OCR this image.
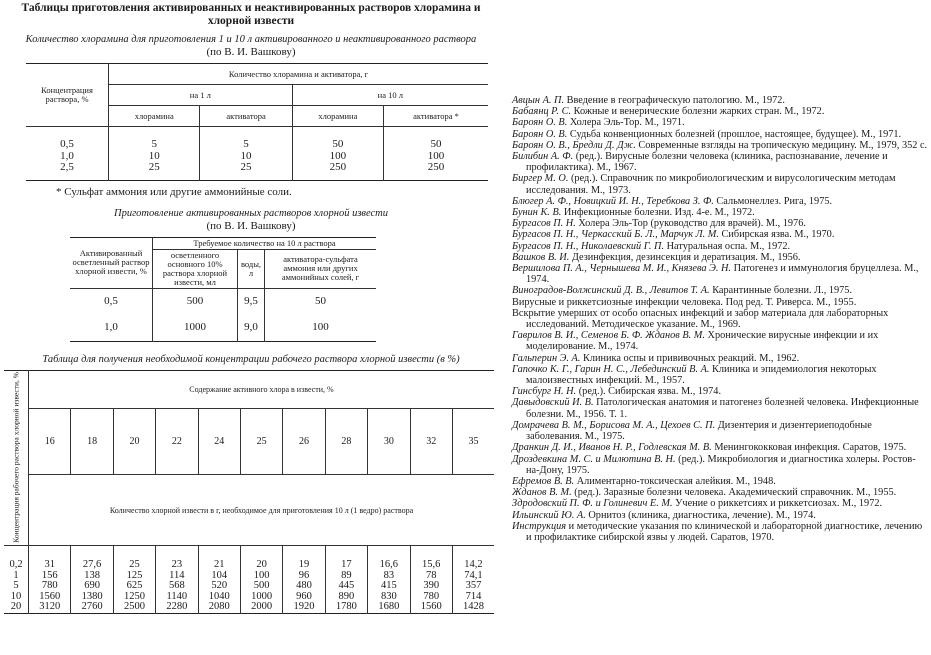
Таблицы приготовления активированных и неактивированных растворов хлорамина и хлорной извести
Количество хлорамина для приготовления 1 и 10 л активированного и неактивированного раствора
(по В. И. Вашкову)
Концентрация раствора, %	Количество хлорамина и активатора, г			
	на 1 л		на 10 л	
	хлорамина	активатора	хлорамина	активатора *
0,5	5	5	50	50
1,0	10	10	100	100
2,5	25	25	250	250
* Сульфат аммония или другие аммонийные соли.
Приготовление активированных растворов хлорной извести
(по В. И. Вашкову)
Активированный осветленный раствор хлорной извести, %	Требуемое количество на 10 л раствора		
	осветленного основного 10% раствора хлорной извести, мл	воды, л	активатора-сульфата аммония или других аммонийных солей, г
0,5	500	9,5	50
1,0	1000	9,0	100
Таблица для получения необходимой концентрации рабочего раствора хлорной извести (в %)
Концентрация рабочего раствора хлорной извести, %	Содержание активного хлора в извести, %										
	16	18	20	22	24	25	26	28	30	32	35
	Количество хлорной извести в г, необходимое для приготовления 10 л (1 ведро) раствора										
0,2	31	27,6	25	23	21	20	19	17	16,6	15,6	14,2
1	156	138	125	114	104	100	96	89	83	78	74,1
5	780	690	625	568	520	500	480	445	415	390	357
10	1560	1380	1250	1140	1040	1000	960	890	830	780	714
20	3120	2760	2500	2280	2080	2000	1920	1780	1680	1560	1428

Авцын А. П. Введение в географическую патологию. М., 1972.

Бабаянц Р. С. Кожные и венерические болезни жарких стран. М., 1972.

Бароян О. В. Холера Эль-Тор. М., 1971.

Бароян О. В. Судьба конвенционных болезней (прошлое, настоящее, будущее). М., 1971.

Бароян О. В., Бредли Д. Дж. Современные взгляды на тропическую медицину. М., 1979, 352 с.

Билибин А. Ф. (ред.). Вирусные болезни человека (клиника, распознавание, лечение и профилактика). М., 1967.

Биргер М. О. (ред.). Справочник по микробиологическим и вирусологическим методам исследования. М., 1973.

Блюгер А. Ф., Новицкий И. Н., Теребкова З. Ф. Сальмонеллез. Рига, 1975.

Бунин К. В. Инфекционные болезни. Изд. 4-е. М., 1972.

Бургасов П. Н. Холера Эль-Тор (руководство для врачей). М., 1976.

Бургасов П. Н., Черкасский Б. Л., Марчук Л. М. Сибирская язва. М., 1970.

Бургасов П. Н., Николаевский Г. П. Натуральная оспа. М., 1972.

Вашков В. И. Дезинфекция, дезинсекция и дератизация. М., 1956.

Вершилова П. А., Чернышева М. И., Князева Э. Н. Патогенез и иммунология бруцеллеза. М., 1974.

Виноградов-Волжинский Д. В., Левитов Т. А. Карантинные болезни. Л., 1975.

Вирусные и риккетсиозные инфекции человека. Под ред. Т. Риверса. М., 1955.

Вскрытие умерших от особо опасных инфекций и забор материала для лабораторных исследований. Методическое указание. М., 1969.

Гаврилов В. И., Семенов Б. Ф. Жданов В. М. Хронические вирусные инфекции и их моделирование. М., 1974.

Гальперин Э. А. Клиника оспы и прививочных реакций. М., 1962.

Гапочко К. Г., Гарин Н. С., Лебединский В. А. Клиника и эпидемиология некоторых малоизвестных инфекций. М., 1957.

Гинсбург Н. Н. (ред.). Сибирская язва. М., 1974.

Давыдовский И. В. Патологическая анатомия и патогенез болезней человека. Инфекционные болезни. М., 1956. Т. 1.

Домрачева В. М., Борисова М. А., Цехоев С. П. Дизентерия и дизентериеподобные заболевания. М., 1975.

Дранкин Д. И., Иванов Н. Р., Годлевская М. В. Менингококковая инфекция. Саратов, 1975.

Дроздевкина М. С. и Милютина В. Н. (ред.). Микробиология и диагностика холеры. Ростов-на-Дону, 1975.

Ефремов В. В. Алиментарно-токсическая алейкия. М., 1948.

Жданов В. М. (ред.). Заразные болезни человека. Академический справочник. М., 1955.

Здродовский П. Ф. и Голиневич Е. М. Учение о риккетсиях и риккетсиозах. М., 1972.

Ильинский Ю. А. Орнитоз (клиника, диагностика, лечение). М., 1974.

Инструкция и методические указания по клинической и лабораторной диагностике, лечению и профилактике сибирской язвы у людей. Саратов, 1970.
